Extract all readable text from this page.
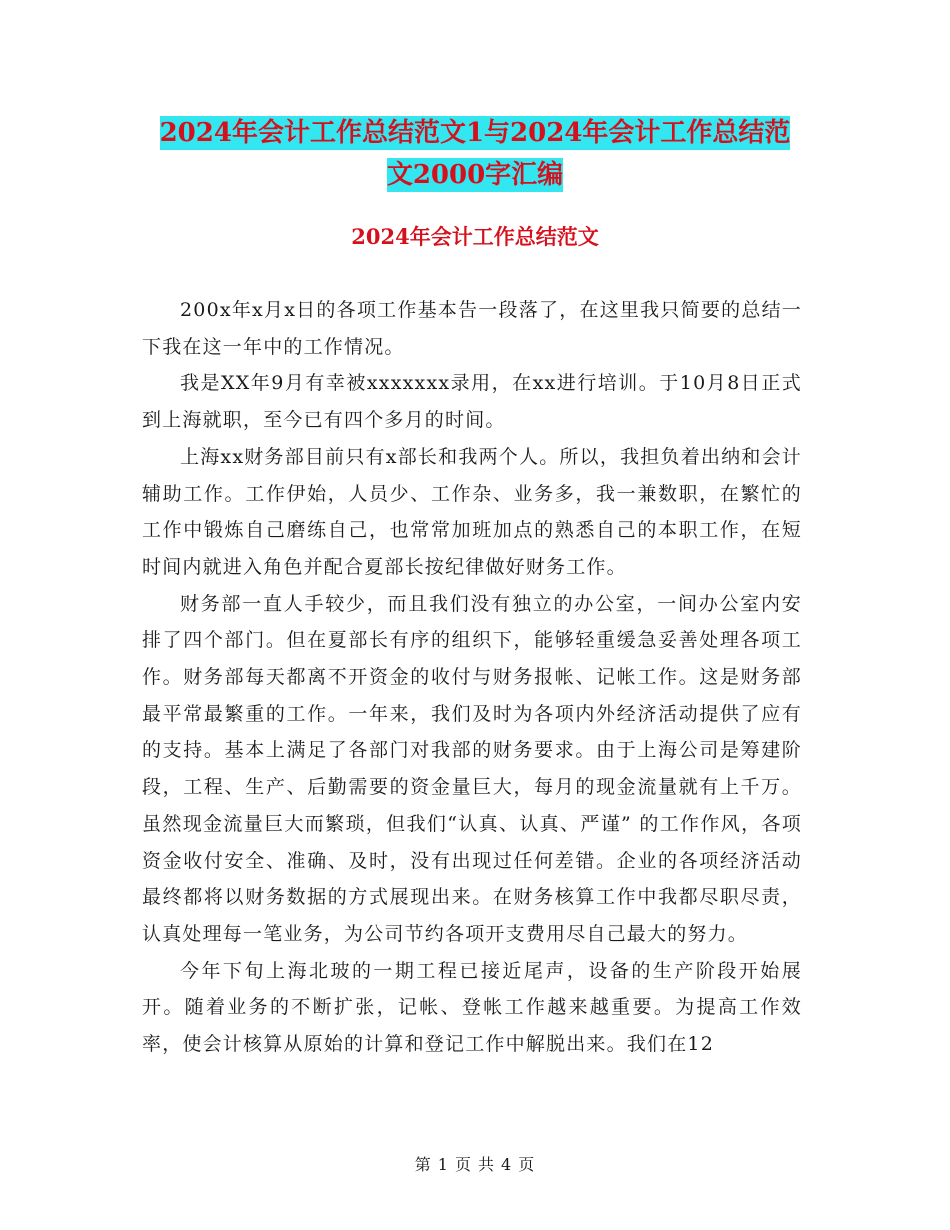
2024年会计工作总结范文1与2024年会计工作总结范
文2000字汇编
2024年会计工作总结范文

200x年x月x日的各项工作基本告一段落了，在这里我只简要的总结一下我在这一年中的工作情况。

我是XX年9月有幸被xxxxxxx录用，在xx进行培训。于10月8日正式到上海就职，至今已有四个多月的时间。

上海xx财务部目前只有x部长和我两个人。所以，我担负着出纳和会计辅助工作。工作伊始，人员少、工作杂、业务多，我一兼数职，在繁忙的工作中锻炼自己磨练自己，也常常加班加点的熟悉自己的本职工作，在短时间内就进入角色并配合夏部长按纪律做好财务工作。

财务部一直人手较少，而且我们没有独立的办公室，一间办公室内安排了四个部门。但在夏部长有序的组织下，能够轻重缓急妥善处理各项工作。财务部每天都离不开资金的收付与财务报帐、记帐工作。这是财务部最平常最繁重的工作。一年来，我们及时为各项内外经济活动提供了应有的支持。基本上满足了各部门对我部的财务要求。由于上海公司是筹建阶段，工程、生产、后勤需要的资金量巨大，每月的现金流量就有上千万。虽然现金流量巨大而繁琐，但我们“认真、认真、严谨” 的工作作风，各项资金收付安全、准确、及时，没有出现过任何差错。企业的各项经济活动最终都将以财务数据的方式展现出来。在财务核算工作中我都尽职尽责，认真处理每一笔业务，为公司节约各项开支费用尽自己最大的努力。

今年下旬上海北玻的一期工程已接近尾声，设备的生产阶段开始展开。随着业务的不断扩张，记帐、登帐工作越来越重要。为提高工作效率，使会计核算从原始的计算和登记工作中解脱出来。我们在12

第 1 页 共 4 页
